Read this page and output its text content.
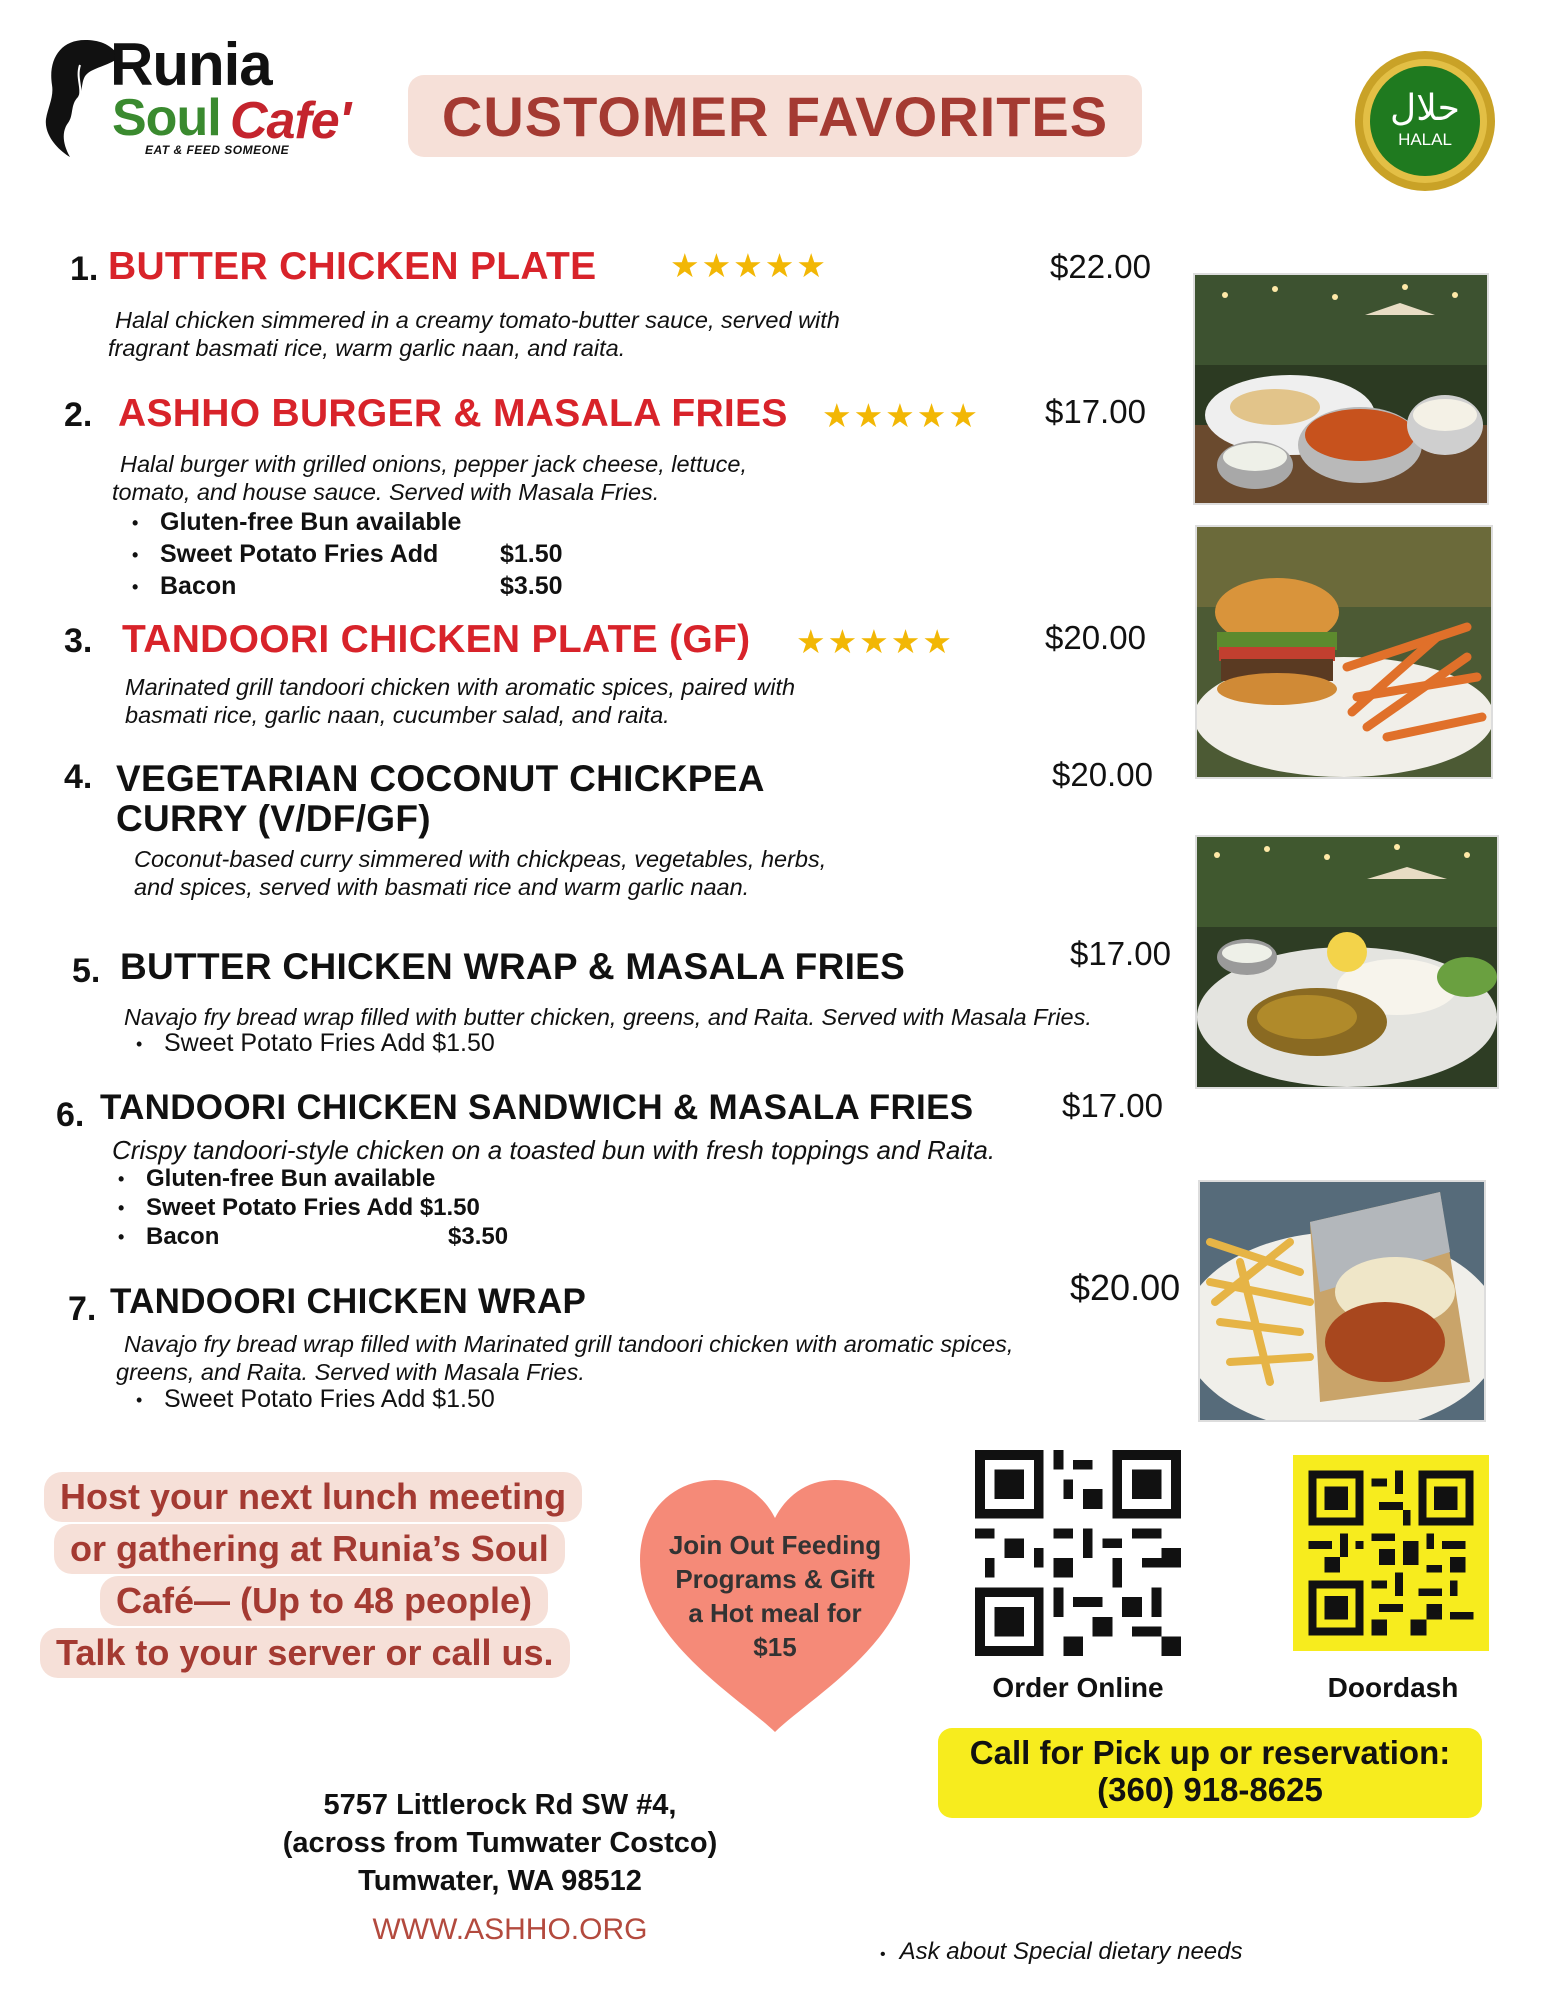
Runia
Soul Cafe'
EAT & FEED SOMEONE
CUSTOMER FAVORITES	حلال
HALAL
1. BUTTER CHICKEN PLATE ★★★★★	$22.00
Halal chicken simmered in a creamy tomato-butter sauce, served with
fragrant basmati rice, warm garlic naan, and raita.
2. ASHHO BURGER & MASALA FRIES ★★★★★ $17.00
Halal burger with grilled onions, pepper jack cheese, lettuce,
tomato, and house sauce. Served with Masala Fries.
• Gluten-free Bun available
• Sweet Potato Fries Add $1.50
• Bacon	$3.50
3. TANDOORI CHICKEN PLATE (GF) ★★★★★	$20.00
Marinated grill tandoori chicken with aromatic spices, paired with
basmati rice, garlic naan, cucumber salad, and raita.
4. VEGETARIAN COCONUT CHICKPEA
CURRY (V/DF/GF)
$20.00
Coconut-based curry simmered with chickpeas, vegetables, herbs,
and spices, served with basmati rice and warm garlic naan.
5. BUTTER CHICKEN WRAP & MASALA FRIES	$17.00
Navajo fry bread wrap filled with butter chicken, greens, and Raita. Served with Masala Fries.
• Sweet Potato Fries Add $1.50
6. TANDOORI CHICKEN SANDWICH & MASALA FRIES	$17.00
Crispy tandoori-style chicken on a toasted bun with fresh toppings and Raita.
• Gluten-free Bun available
• Sweet Potato Fries Add $1.50
• Bacon	$3.50
7. TANDOORI CHICKEN WRAP	$20.00
Navajo fry bread wrap filled with Marinated grill tandoori chicken with aromatic spices,
greens, and Raita. Served with Masala Fries.
• Sweet Potato Fries Add $1.50
Host your next lunch meeting
or gathering at Runia’s Soul
Café— (Up to 48 people)
Talk to your server or call us.
Join Out Feeding
Programs & Gift
a Hot meal for
$15
Order Online	Doordash
Call for Pick up or reservation:
(360) 918-8625
5757 Littlerock Rd SW #4,
(across from Tumwater Costco)
Tumwater, WA 98512
WWW.ASHHO.ORG
• Ask about Special dietary needs
